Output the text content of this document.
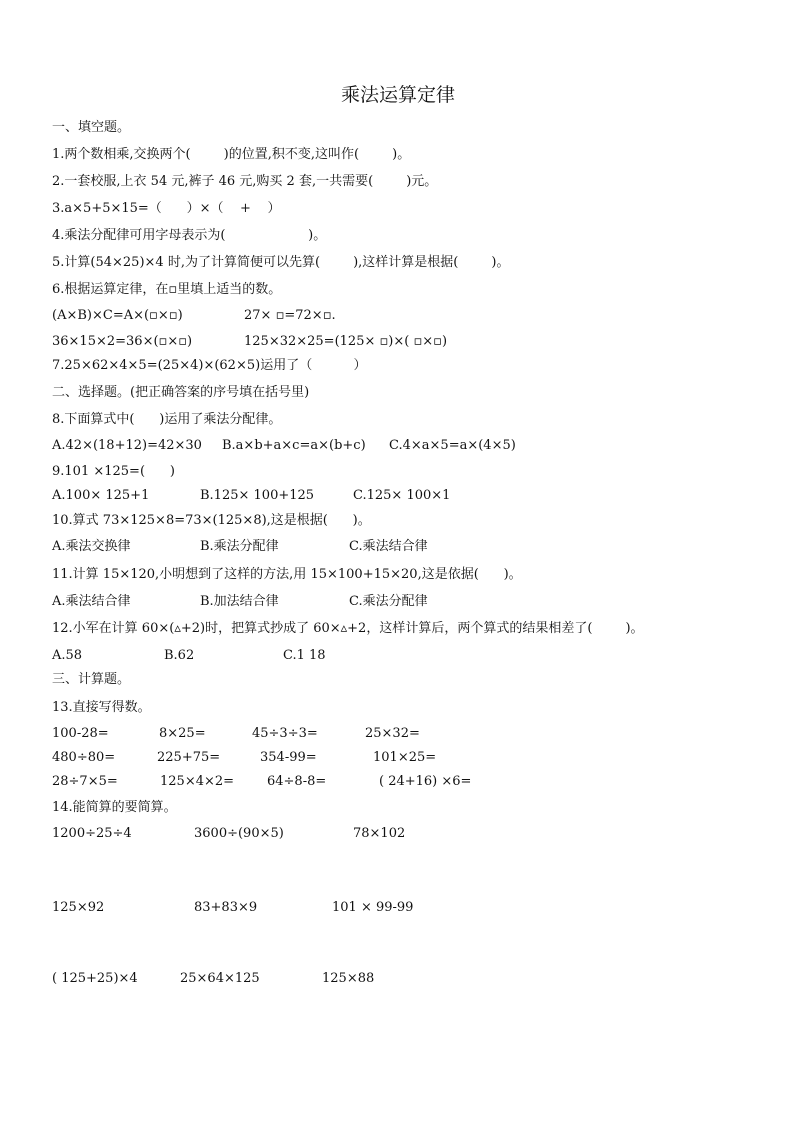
乘法运算定律
一、填空题。
1.两个数相乘,交换两个(        )的位置,积不变,这叫作(        )。
2.一套校服,上衣 54 元,裤子 46 元,购买 2 套,一共需要(        )元。
3.a×5+5×15=（      ）×（    +    ）
4.乘法分配律可用字母表示为(                    )。
5.计算(54×25)×4 时,为了计算简便可以先算(        ),这样计算是根据(        )。
6.根据运算定律，在▫里填上适当的数。
(A×B)×C=A×(▫×▫)	27× ▫=72×▫.
36×15×2=36×(▫×▫)	125×32×25=(125× ▫)×( ▫×▫)
7.25×62×4×5=(25×4)×(62×5)运用了（          ）
二、选择题。(把正确答案的序号填在括号里)
8.下面算式中(      )运用了乘法分配律。
A.42×(18+12)=42×30 B.a×b+a×c=a×(b+c) C.4×a×5=a×(4×5)
9.101 ×125=(      )
A.100× 125+1	B.125× 100+125	C.125× 100×1
10.算式 73×125×8=73×(125×8),这是根据(      )。
A.乘法交换律	B.乘法分配律	C.乘法结合律
11.计算 15×120,小明想到了这样的方法,用 15×100+15×20,这是依据(      )。
A.乘法结合律	B.加法结合律	C.乘法分配律
12.小军在计算 60×(▵+2)时，把算式抄成了 60×▵+2，这样计算后，两个算式的结果相差了(        )。
A.58	B.62	C.1 18
三、计算题。
13.直接写得数。
100-28=	8×25=	45÷3÷3=	25×32=
480÷80=	225+75=	354-99=	101×25=
28÷7×5=	125×4×2=	64÷8-8=	( 24+16) ×6=
14.能简算的要简算。
1200÷25÷4	3600÷(90×5)	78×102
125×92	83+83×9	101 × 99-99
( 125+25)×4	25×64×125	125×88
